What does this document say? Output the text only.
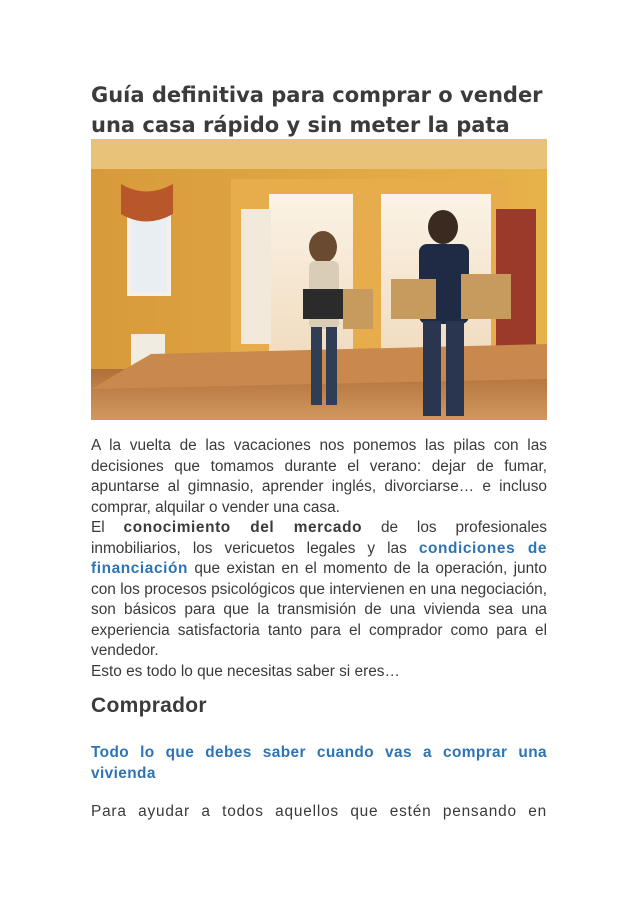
Guía definitiva para comprar o vender una casa rápido y sin meter la pata

A la vuelta de las vacaciones nos ponemos las pilas con las decisiones que tomamos durante el verano: dejar de fumar, apuntarse al gimnasio, aprender inglés, divorciarse… e incluso comprar, alquilar o vender una casa.

El conocimiento del mercado de los profesionales inmobiliarios, los vericuetos legales y las condiciones de financiación que existan en el momento de la operación, junto con los procesos psicológicos que intervienen en una negociación, son básicos para que la transmisión de una vivienda sea una experiencia satisfactoria tanto para el comprador como para el vendedor.

Esto es todo lo que necesitas saber si eres…

Comprador
Todo lo que debes saber cuando vas a comprar una vivienda
Para ayudar a todos aquellos que estén pensando en
